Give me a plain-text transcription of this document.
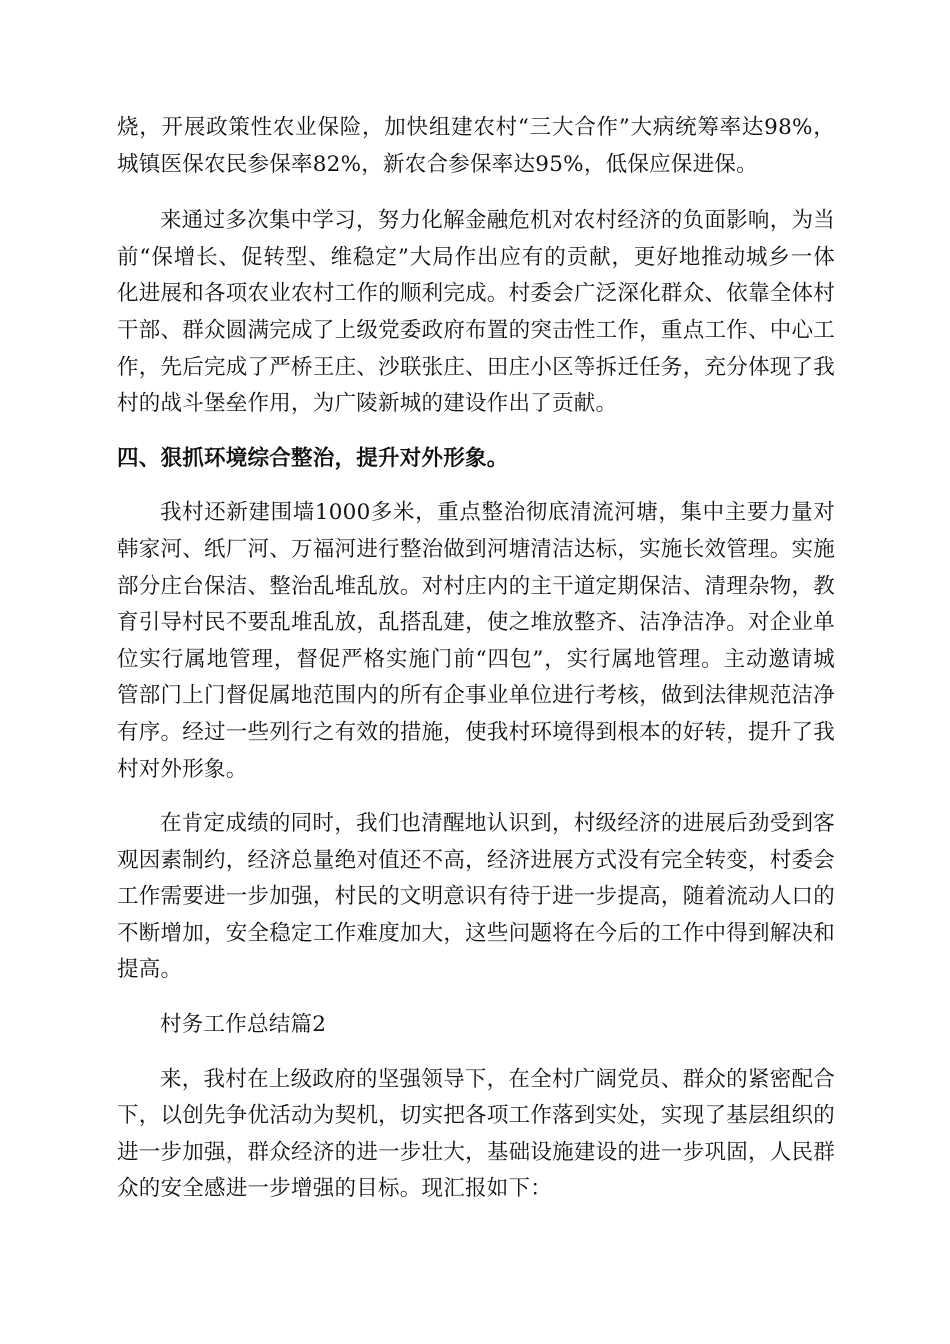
烧，开展政策性农业保险，加快组建农村“三大合作”大病统筹率达98%，城镇医保农民参保率82%，新农合参保率达95%，低保应保进保。

来通过多次集中学习，努力化解金融危机对农村经济的负面影响，为当前“保增长、促转型、维稳定”大局作出应有的贡献，更好地推动城乡一体化进展和各项农业农村工作的顺利完成。村委会广泛深化群众、依靠全体村干部、群众圆满完成了上级党委政府布置的突击性工作，重点工作、中心工作，先后完成了严桥王庄、沙联张庄、田庄小区等拆迁任务，充分体现了我村的战斗堡垒作用，为广陵新城的建设作出了贡献。

四、狠抓环境综合整治，提升对外形象。

我村还新建围墙1000多米，重点整治彻底清流河塘，集中主要力量对韩家河、纸厂河、万福河进行整治做到河塘清洁达标，实施长效管理。实施部分庄台保洁、整治乱堆乱放。对村庄内的主干道定期保洁、清理杂物，教育引导村民不要乱堆乱放，乱搭乱建，使之堆放整齐、洁净洁净。对企业单位实行属地管理，督促严格实施门前“四包”，实行属地管理。主动邀请城管部门上门督促属地范围内的所有企事业单位进行考核，做到法律规范洁净有序。经过一些列行之有效的措施，使我村环境得到根本的好转，提升了我村对外形象。

在肯定成绩的同时，我们也清醒地认识到，村级经济的进展后劲受到客观因素制约，经济总量绝对值还不高，经济进展方式没有完全转变，村委会工作需要进一步加强，村民的文明意识有待于进一步提高，随着流动人口的不断增加，安全稳定工作难度加大，这些问题将在今后的工作中得到解决和提高。

村务工作总结篇2

来，我村在上级政府的坚强领导下，在全村广阔党员、群众的紧密配合下，以创先争优活动为契机，切实把各项工作落到实处，实现了基层组织的进一步加强，群众经济的进一步壮大，基础设施建设的进一步巩固，人民群众的安全感进一步增强的目标。现汇报如下：
